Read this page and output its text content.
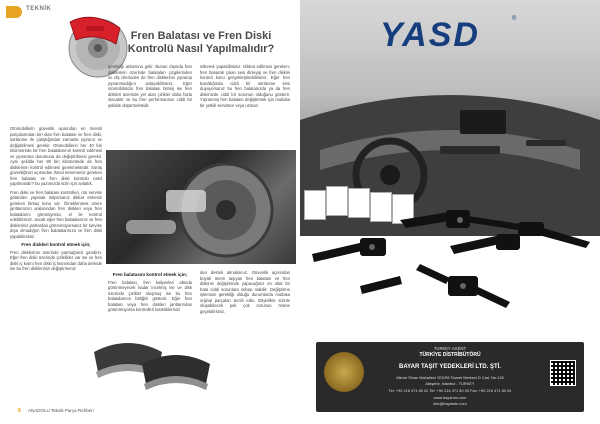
TEKNİK
Fren Balatası ve Fren Diski
Kontrolü Nasıl Yapılmalıdır?

Otomobillerin güvenlik açısından en önemli parçalarından biri olan fren balatası ve fren diski, sürtünme ile çalıştığından zamanla yıpranır ve değiştirilmesi gerekir. Otomobillerin her 40 bin kilometrede bir fren balatalarının kontrol edilmesi ve yıpranma durumuna da değiştirilmesi gerekir. Aynı şekilde her 80 bin kilometrede de fren disklerinin kontrol edilmesi gerekmektedir. Sürüş güvenliğinizi açısından ihmal etmemeniz gereken fren balatası ve fren diski kontrolü nasıl yapılmalıdır? bu yazımızda sizin için anlattık.

Fren diski ve fren balatası kontrolleri, oto servise götürülen yapmak istiyorsanız dikkat etmeniz gereken birkaç konu var. Örneklenmek üzere jantlarınızın aralarından fren diskleri veya fren balatalarını görünüyorsa, el ile kontrol edebilirsiniz. ancak eğer fren balatalarınız ve fren diskleriniz jantlardan görünmüyorsanız bir servise dışa olmadığım fren balatalarınıza ve fren diski yapabilirsiniz.

Fren diskleri kontrol etmek için;

Fren disklerinin üzerinde parmağınızı gezdirin. Eğer fren diski üzerinde çiziklikler var ise ve fren diski iç kısmı fren diski iç kısmından daha derinde ise bu fren disklerinizi değiştirmeniz

gerektiği anlamına gelir. Bunun dışında fren disklerinin üzerinde balataları çizgilerinden ve diş izlerinden de fren disklerinin yıpranıp yıpranmadığını anlayabilirsiniz. Eğer otomobilinizin fren balatası bitmiş ise fren diskleri üzerinde yer alan çizikler daha fazla olacaktır ve bu fren performansını ciddi bir şekilde düşürmektedir.

sökerek yapabilirsiniz. Dikkat edilmesi gereken; fren basarak çıkan sesi dinleyip ve fren diskini kontrol konu gerçekleştirebilirsiniz. Eğer fren basıldığında ciddi bir sürtünme sesi duyuyorsanız bu fren balatanızda ya da fren diskinizde ciddi bir sorunun olduğunu gösterir. Yıpranmış fren balatası değiştirmek için mutlaka bir yetkili servisten veya uzman

Fren balatasını kontrol etmek için;

Fren balatası, fren kaliperleri altında görünmeyecek kadar incelmiş ise ve disk üzerinde çizikler oluşmuş ise bu fren balatalarının bittiğini gösterir. Eğer fren balatası veya fren diskleri jantlarından görünmüyorsa kontrolleri laststiklerinizi

den destek almalısınız. Güvenlik açısından büyük önem taşıyan fren balatası ve fren diskinin değişiminde yapacağınız en ufak bir hata ciddi sorunlara sebep olabilir. Değiştirme işleminin gerekliği olduğu durumlarda mutlaka orijinal parçaları tercih edin. Böylelikle sizinle oluşabilecek pek çok sorunun önüne geçebilirsiniz.

8 ANADOLU Teknik Parça Rehberi
YASD	®
TURKEY AGENT
TÜRKİYE DİSTRİBÜTÖRÜ
BAYAR TAŞIT YEDEKLERİ LTD. ŞTİ.
Mimar Sinan Mahallesi YEDPA Ticaret Merkezi D Cad. No:128
Ataşehir, İstanbul - TURKEY
Tel: +90 216 471 80 02 Tel: +90 216 471 80 03 Fax: +90 216 471 80 04
www.bayarsto.com
info@bayarsto.com
